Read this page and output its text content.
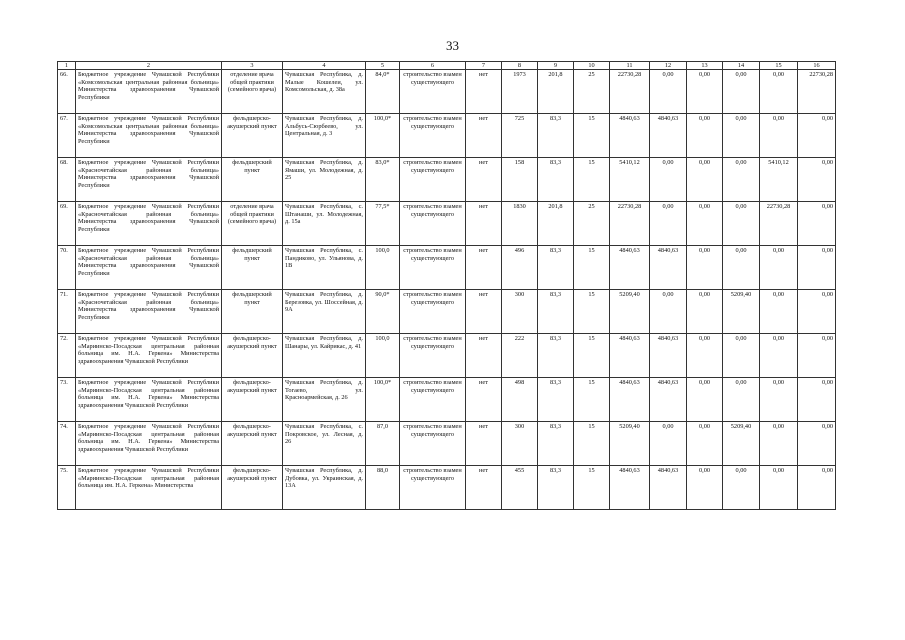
33
1	2	3	4	5	6	7	8	9	10	11	12	13	14	15	16
66.	Бюджетное учреждение Чувашской Республики «Комсомольская центральная районная больница» Министерства здравоохранения Чувашской Республики	отделение врача общей практики (семейного врача)	Чувашская Республика, д. Малые Кошелеи, ул. Комсомольская, д. 38а	84,0*	строительство взамен существующего	нет	1973	201,8	25	22730,28	0,00	0,00	0,00	0,00	22730,28
67.	Бюджетное учреждение Чувашской Республики «Комсомольская центральная районная больница» Министерства здравоохранения Чувашской Республики	фельдшерско-акушерский пункт	Чувашская Республика, д. Альбусь-Сюрбеево, ул. Центральная, д. 3	100,0*	строительство взамен существующего	нет	725	83,3	15	4840,63	4840,63	0,00	0,00	0,00	0,00
68.	Бюджетное учреждение Чувашской Республики «Красночетайская районная больница» Министерства здравоохранения Чувашской Республики	фельдшерский пункт	Чувашская Республика, д. Ямаши, ул. Молодежная, д. 25	83,0*	строительство взамен существующего	нет	158	83,3	15	5410,12	0,00	0,00	0,00	5410,12	0,00
69.	Бюджетное учреждение Чувашской Республики «Красночетайская районная больница» Министерства здравоохранения Чувашской Республики	отделение врача общей практики (семейного врача)	Чувашская Республика, с. Штанаши, ул. Молодежная, д. 15а	77,5*	строительство взамен существующего	нет	1830	201,8	25	22730,28	0,00	0,00	0,00	22730,28	0,00
70.	Бюджетное учреждение Чувашской Республики «Красночетайская районная больница» Министерства здравоохранения Чувашской Республики	фельдшерский пункт	Чувашская Республика, с. Пандиково, ул. Ульянова, д. 1В	100,0	строительство взамен существующего	нет	496	83,3	15	4840,63	4840,63	0,00	0,00	0,00	0,00
71.	Бюджетное учреждение Чувашской Республики «Красночетайская районная больница» Министерства здравоохранения Чувашской Республики	фельдшерский пункт	Чувашская Республика, д. Березовка, ул. Шоссейная, д. 9А	90,0*	строительство взамен существующего	нет	300	83,3	15	5209,40	0,00	0,00	5209,40	0,00	0,00
72.	Бюджетное учреждение Чувашской Республики «Мариинско-Посадская центральная районная больница им. Н.А. Геркена» Министерства здравоохранения Чувашской Республики	фельдшерско-акушерский пункт	Чувашская Республика, д. Шанары, ул. Кайрикас, д. 41	100,0	строительство взамен существующего	нет	222	83,3	15	4840,63	4840,63	0,00	0,00	0,00	0,00
73.	Бюджетное учреждение Чувашской Республики «Мариинско-Посадская центральная районная больница им. Н.А. Геркена» Министерства здравоохранения Чувашской Республики	фельдшерско-акушерский пункт	Чувашская Республика, д. Тогаево, ул. Красноармейская, д. 26	100,0*	строительство взамен существующего	нет	498	83,3	15	4840,63	4840,63	0,00	0,00	0,00	0,00
74.	Бюджетное учреждение Чувашской Республики «Мариинско-Посадская центральная районная больница им. Н.А. Геркена» Министерства здравоохранения Чувашской Республики	фельдшерско-акушерский пункт	Чувашская Республика, с. Покровское, ул. Лесная, д. 26	87,0	строительство взамен существующего	нет	300	83,3	15	5209,40	0,00	0,00	5209,40	0,00	0,00
75.	Бюджетное учреждение Чувашской Республики «Мариинско-Посадская центральная районная больница им. Н.А. Геркена» Министерства	фельдшерско-акушерский пункт	Чувашская Республика, д. Дубовка, ул. Украинская, д. 13А	88,0	строительство взамен существующего	нет	455	83,3	15	4840,63	4840,63	0,00	0,00	0,00	0,00
